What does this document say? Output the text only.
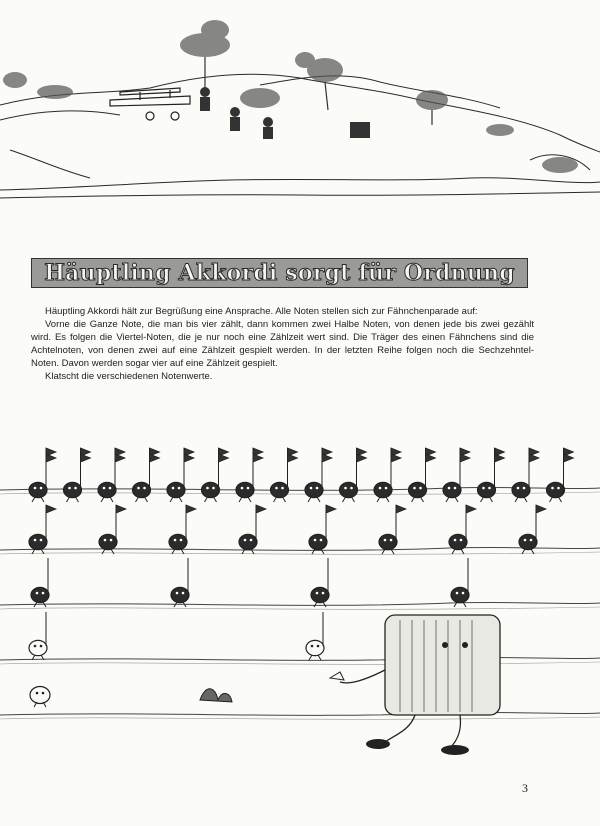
Häuptling Akkordi sorgt für Ordnung

Häuptling Akkordi hält zur Begrüßung eine Ansprache. Alle Noten stellen sich zur Fähnchenparade auf:

Vorne die Ganze Note, die man bis vier zählt, dann kommen zwei Halbe Noten, von denen jede bis zwei gezählt wird. Es folgen die Viertel-Noten, die je nur noch eine Zählzeit wert sind. Die Träger des einen Fähnchens sind die Achtelnoten, von denen zwei auf eine Zählzeit gespielt werden. In der letzten Reihe folgen noch die Sechzehntel-Noten. Davon werden sogar vier auf eine Zählzeit gespielt.

Klatscht die verschiedenen Notenwerte.

3
